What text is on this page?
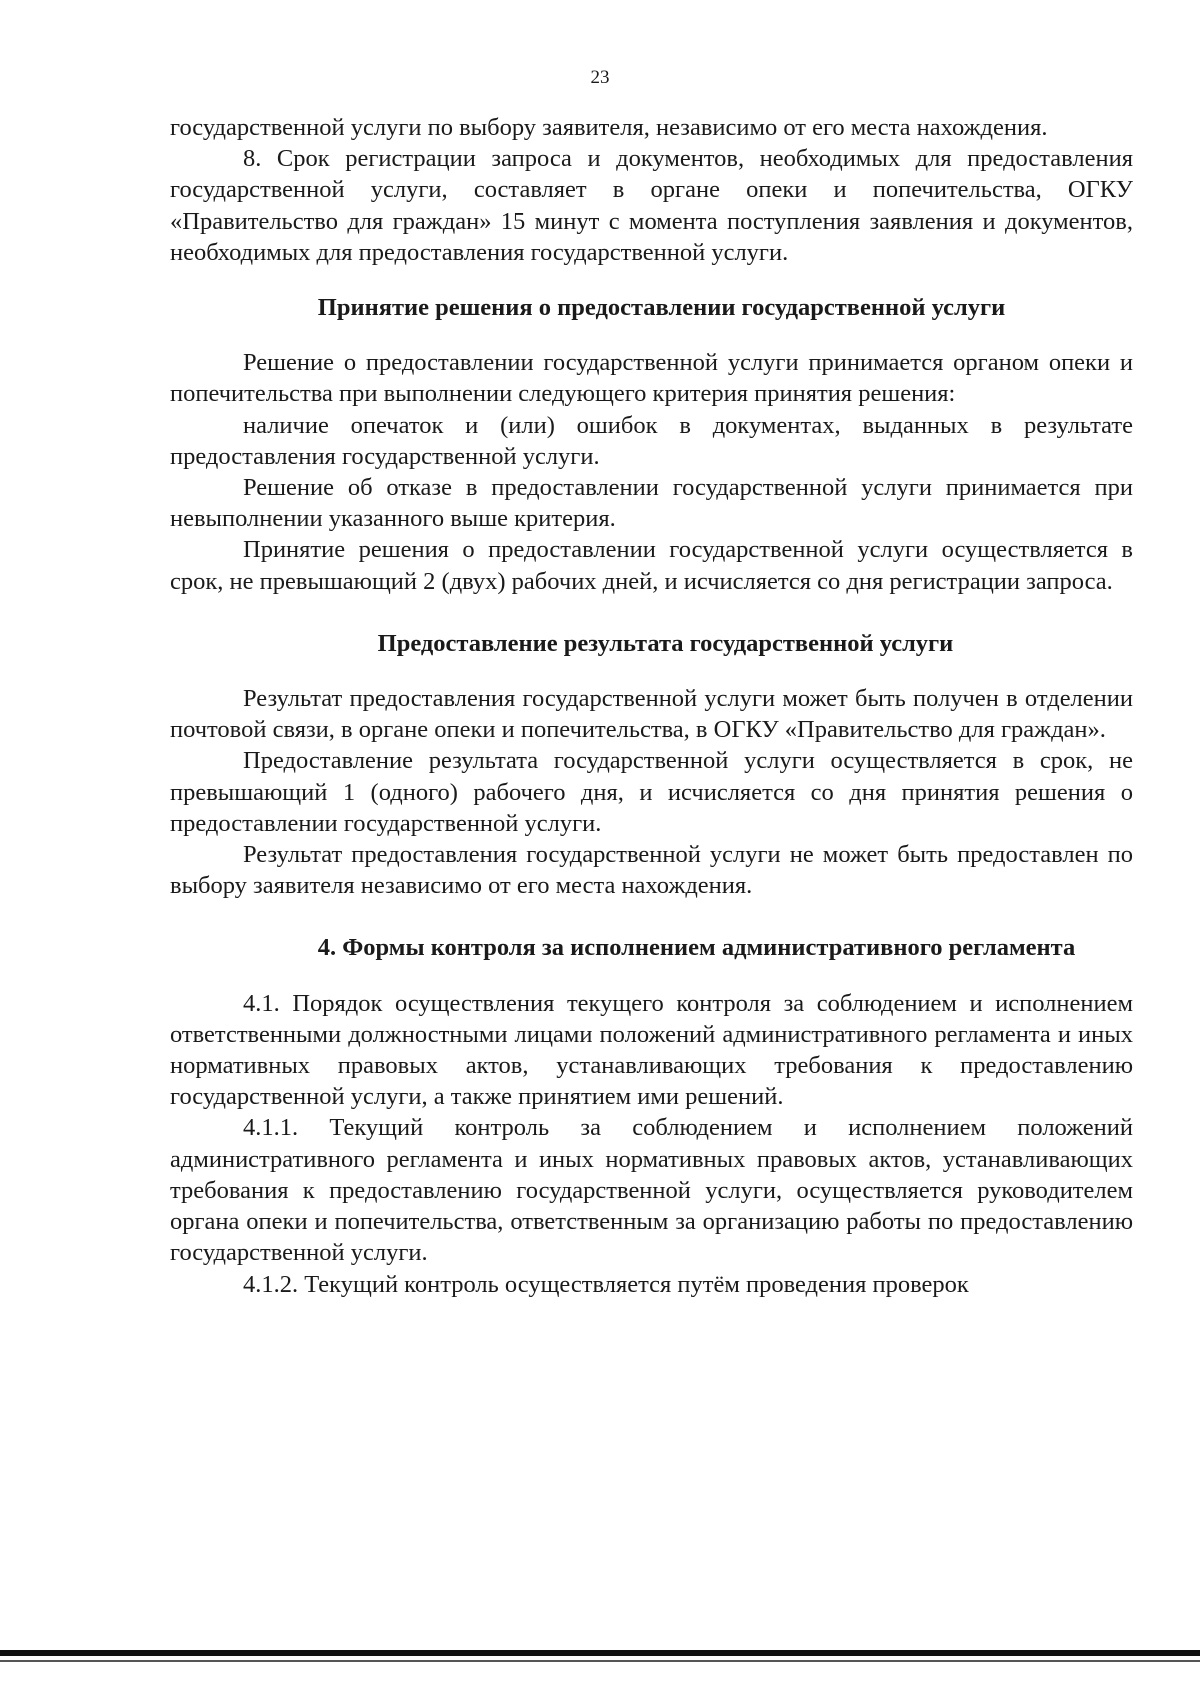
23

государственной услуги по выбору заявителя, независимо от его места нахождения.

8. Срок регистрации запроса и документов, необходимых для предоставления государственной услуги, составляет в органе опеки и попечительства, ОГКУ «Правительство для граждан» 15 минут с момента поступления заявления и документов, необходимых для предоставления государственной услуги.

Принятие решения о предоставлении государственной услуги

Решение о предоставлении государственной услуги принимается органом опеки и попечительства при выполнении следующего критерия принятия решения:

наличие опечаток и (или) ошибок в документах, выданных в результате предоставления государственной услуги.

Решение об отказе в предоставлении государственной услуги принимается при невыполнении указанного выше критерия.

Принятие решения о предоставлении государственной услуги осуществляется в срок, не превышающий 2 (двух) рабочих дней, и исчисляется со дня регистрации запроса.

Предоставление результата государственной услуги

Результат предоставления государственной услуги может быть получен в отделении почтовой связи, в органе опеки и попечительства, в ОГКУ «Правительство для граждан».

Предоставление результата государственной услуги осуществляется в срок, не превышающий 1 (одного) рабочего дня, и исчисляется со дня принятия решения о предоставлении государственной услуги.

Результат предоставления государственной услуги не может быть предоставлен по выбору заявителя независимо от его места нахождения.

4. Формы контроля за исполнением административного регламента

4.1. Порядок осуществления текущего контроля за соблюдением и исполнением ответственными должностными лицами положений административного регламента и иных нормативных правовых актов, устанавливающих требования к предоставлению государственной услуги, а также принятием ими решений.

4.1.1. Текущий контроль за соблюдением и исполнением положений административного регламента и иных нормативных правовых актов, устанавливающих требования к предоставлению государственной услуги, осуществляется руководителем органа опеки и попечительства, ответственным за организацию работы по предоставлению государственной услуги.

4.1.2. Текущий контроль осуществляется путём проведения проверок
